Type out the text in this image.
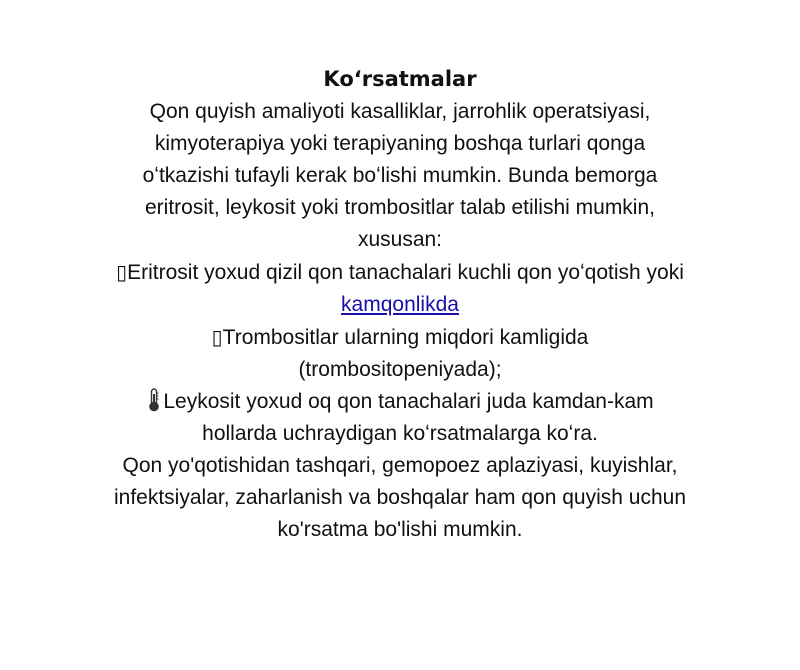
Koʻrsatmalar
Qon quyish amaliyoti kasalliklar, jarrohlik operatsiyasi,
kimyoterapiya yoki terapiyaning boshqa turlari qonga
oʻtkazishi tufayli kerak boʻlishi mumkin. Bunda bemorga
eritrosit, leykosit yoki trombositlar talab etilishi mumkin,
xususan:
▯Eritrosit yoxud qizil qon tanachalari kuchli qon yoʻqotish yoki
kamqonlikda
▯Trombositlar ularning miqdori kamligida
(trombositopeniyada);
Leykosit yoxud oq qon tanachalari juda kamdan-kam
hollarda uchraydigan koʻrsatmalarga koʻra.
Qon yo'qotishidan tashqari, gemopoez aplaziyasi, kuyishlar,
infektsiyalar, zaharlanish va boshqalar ham qon quyish uchun
ko'rsatma bo'lishi mumkin.
